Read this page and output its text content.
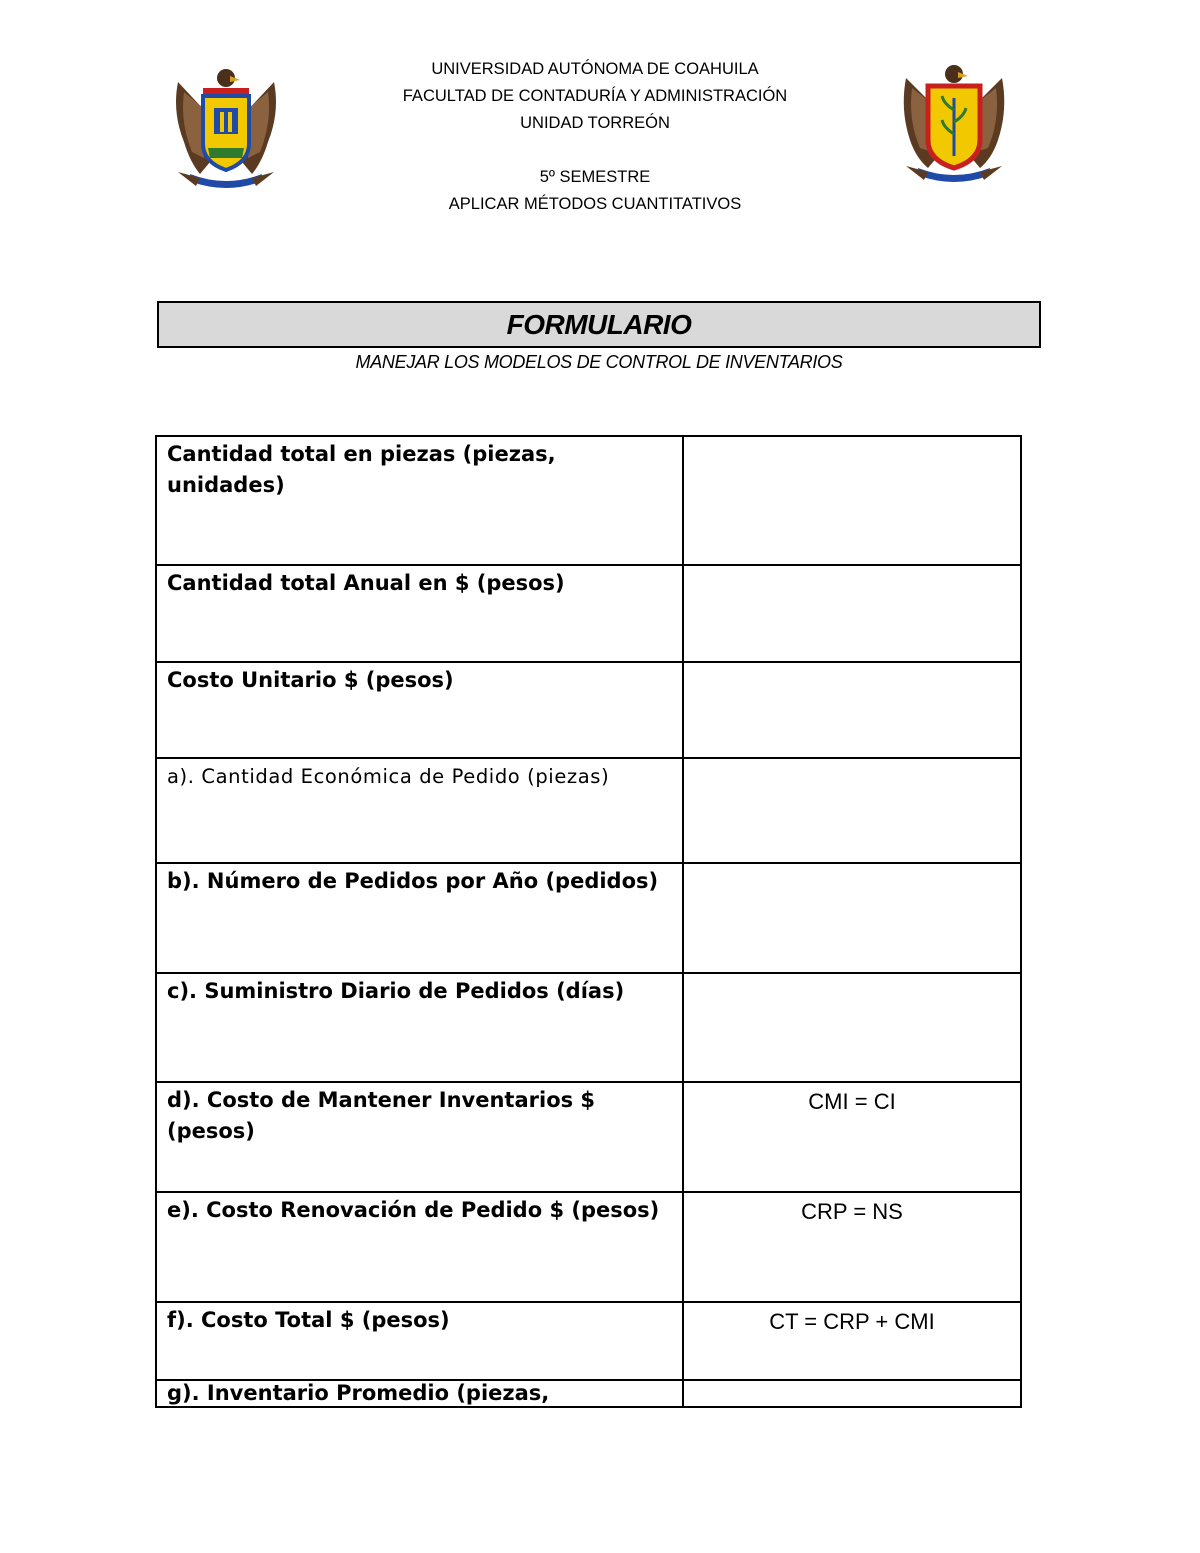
UNIVERSIDAD AUTÓNOMA DE COAHUILA
FACULTAD DE CONTADURÍA Y ADMINISTRACIÓN
UNIDAD TORREÓN
5º SEMESTRE
APLICAR MÉTODOS CUANTITATIVOS
FORMULARIO
MANEJAR LOS MODELOS DE CONTROL DE INVENTARIOS
Cantidad total en piezas (piezas, unidades)
Cantidad total Anual en $ (pesos)
Costo Unitario $ (pesos)
a). Cantidad Económica de Pedido (piezas)
b). Número de Pedidos por Año (pedidos)
c). Suministro Diario de Pedidos (días)
d). Costo de Mantener Inventarios $ (pesos)
CMI = CI
e). Costo Renovación de Pedido $ (pesos)	CRP = NS
f). Costo Total $ (pesos)	CT = CRP + CMI
g). Inventario Promedio (piezas,
